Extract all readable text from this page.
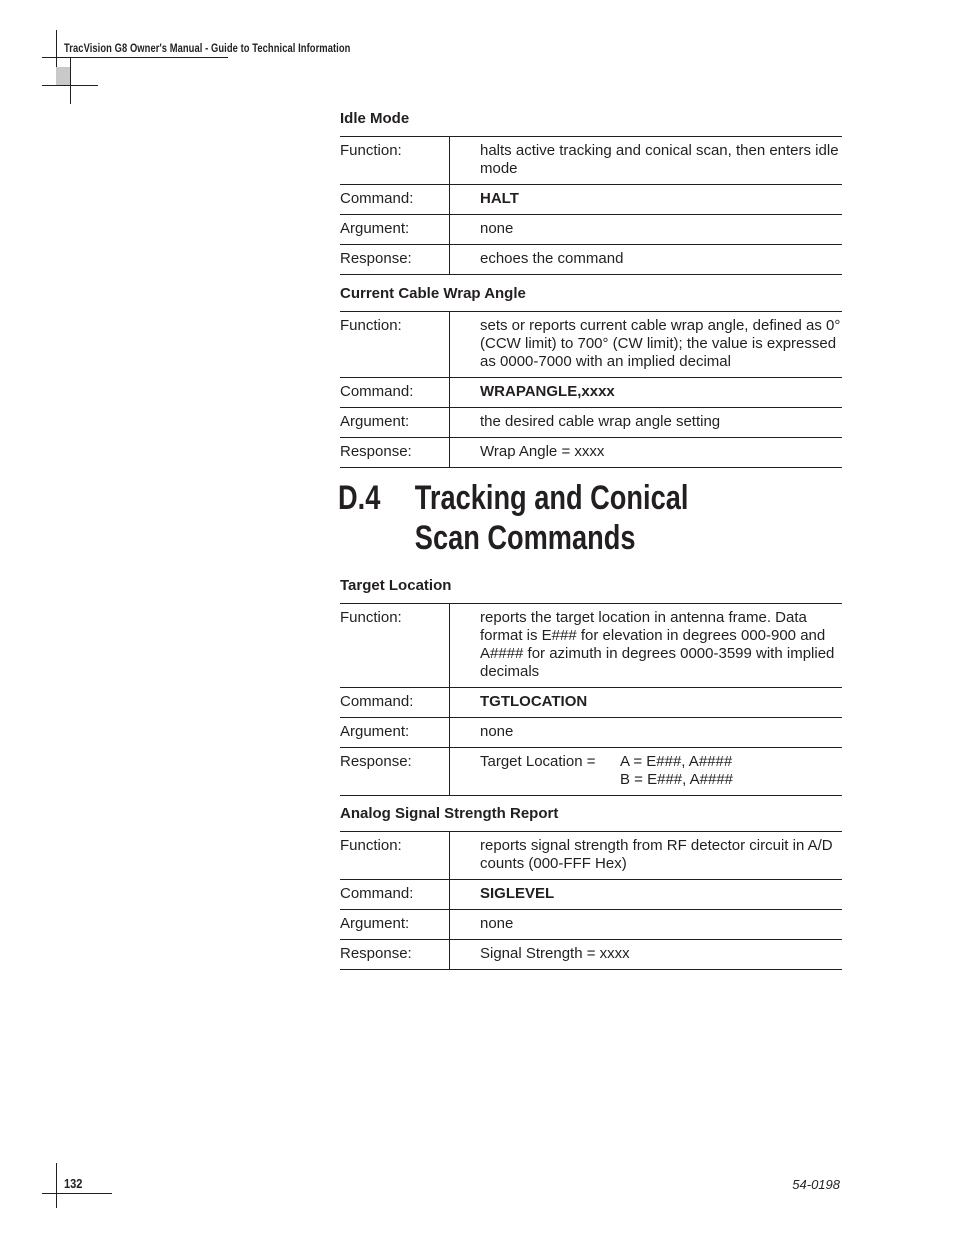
TracVision G8 Owner's Manual - Guide to Technical Information
Idle Mode
Function:	halts active tracking and conical scan, then enters idle mode
Command:	HALT
Argument:	none
Response:	echoes the command
Current Cable Wrap Angle
Function:	sets or reports current cable wrap angle, defined as 0° (CCW limit) to 700° (CW limit); the value is expressed as 0000-7000 with an implied decimal
Command:	WRAPANGLE,xxxx
Argument:	the desired cable wrap angle setting
Response:	Wrap Angle = xxxx
D.4 Tracking and Conical
Scan Commands
Target Location
Function:	reports the target location in antenna frame. Data format is E### for elevation in degrees 000-900 and A#### for azimuth in degrees 0000-3599 with implied decimals
Command:	TGTLOCATION
Argument:	none
Response:	Target Location = A = E###, A####
B = E###, A####
Analog Signal Strength Report
Function:	reports signal strength from RF detector circuit in A/D counts (000-FFF Hex)
Command:	SIGLEVEL
Argument:	none
Response:	Signal Strength = xxxx
132	54-0198
